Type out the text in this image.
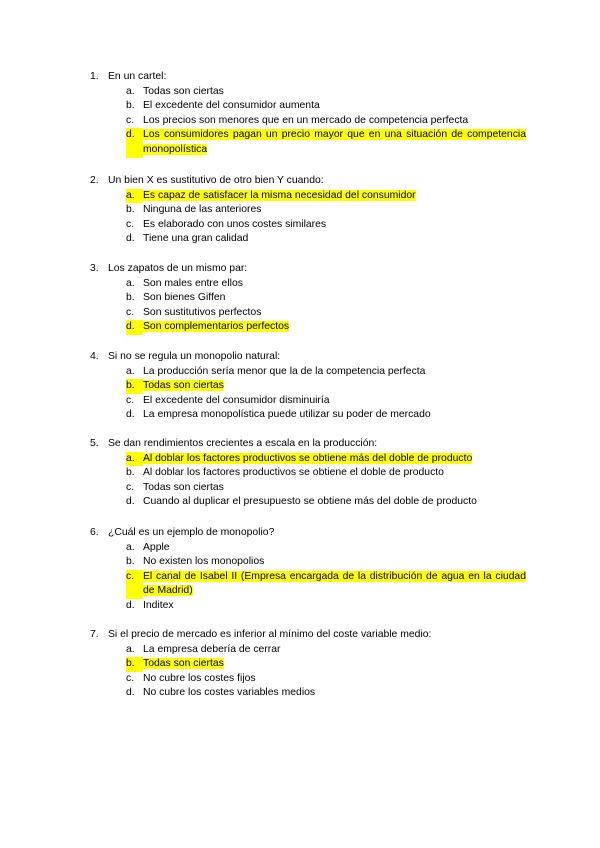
1. En un cartel:
a. Todas son ciertas
b. El excedente del consumidor aumenta
c. Los precios son menores que en un mercado de competencia perfecta
d. Los consumidores pagan un precio mayor que en una situación de competencia monopolística
2. Un bien X es sustitutivo de otro bien Y cuando:
a. Es capaz de satisfacer la misma necesidad del consumidor
b. Ninguna de las anteriores
c. Es elaborado con unos costes similares
d. Tiene una gran calidad
3. Los zapatos de un mismo par:
a. Son males entre ellos
b. Son bienes Giffen
c. Son sustitutivos perfectos
d. Son complementarios perfectos
4. Si no se regula un monopolio natural:
a. La producción sería menor que la de la competencia perfecta
b. Todas son ciertas
c. El excedente del consumidor disminuiría
d. La empresa monopolística puede utilizar su poder de mercado
5. Se dan rendimientos crecientes a escala en la producción:
a. Al doblar los factores productivos se obtiene más del doble de producto
b. Al doblar los factores productivos se obtiene el doble de producto
c. Todas son ciertas
d. Cuando al duplicar el presupuesto se obtiene más del doble de producto
6. ¿Cuál es un ejemplo de monopolio?
a. Apple
b. No existen los monopolios
c. El canal de Isabel II (Empresa encargada de la distribución de agua en la ciudad de Madrid)
d. Inditex
7. Si el precio de mercado es inferior al mínimo del coste variable medio:
a. La empresa debería de cerrar
b. Todas son ciertas
c. No cubre los costes fijos
d. No cubre los costes variables medios
